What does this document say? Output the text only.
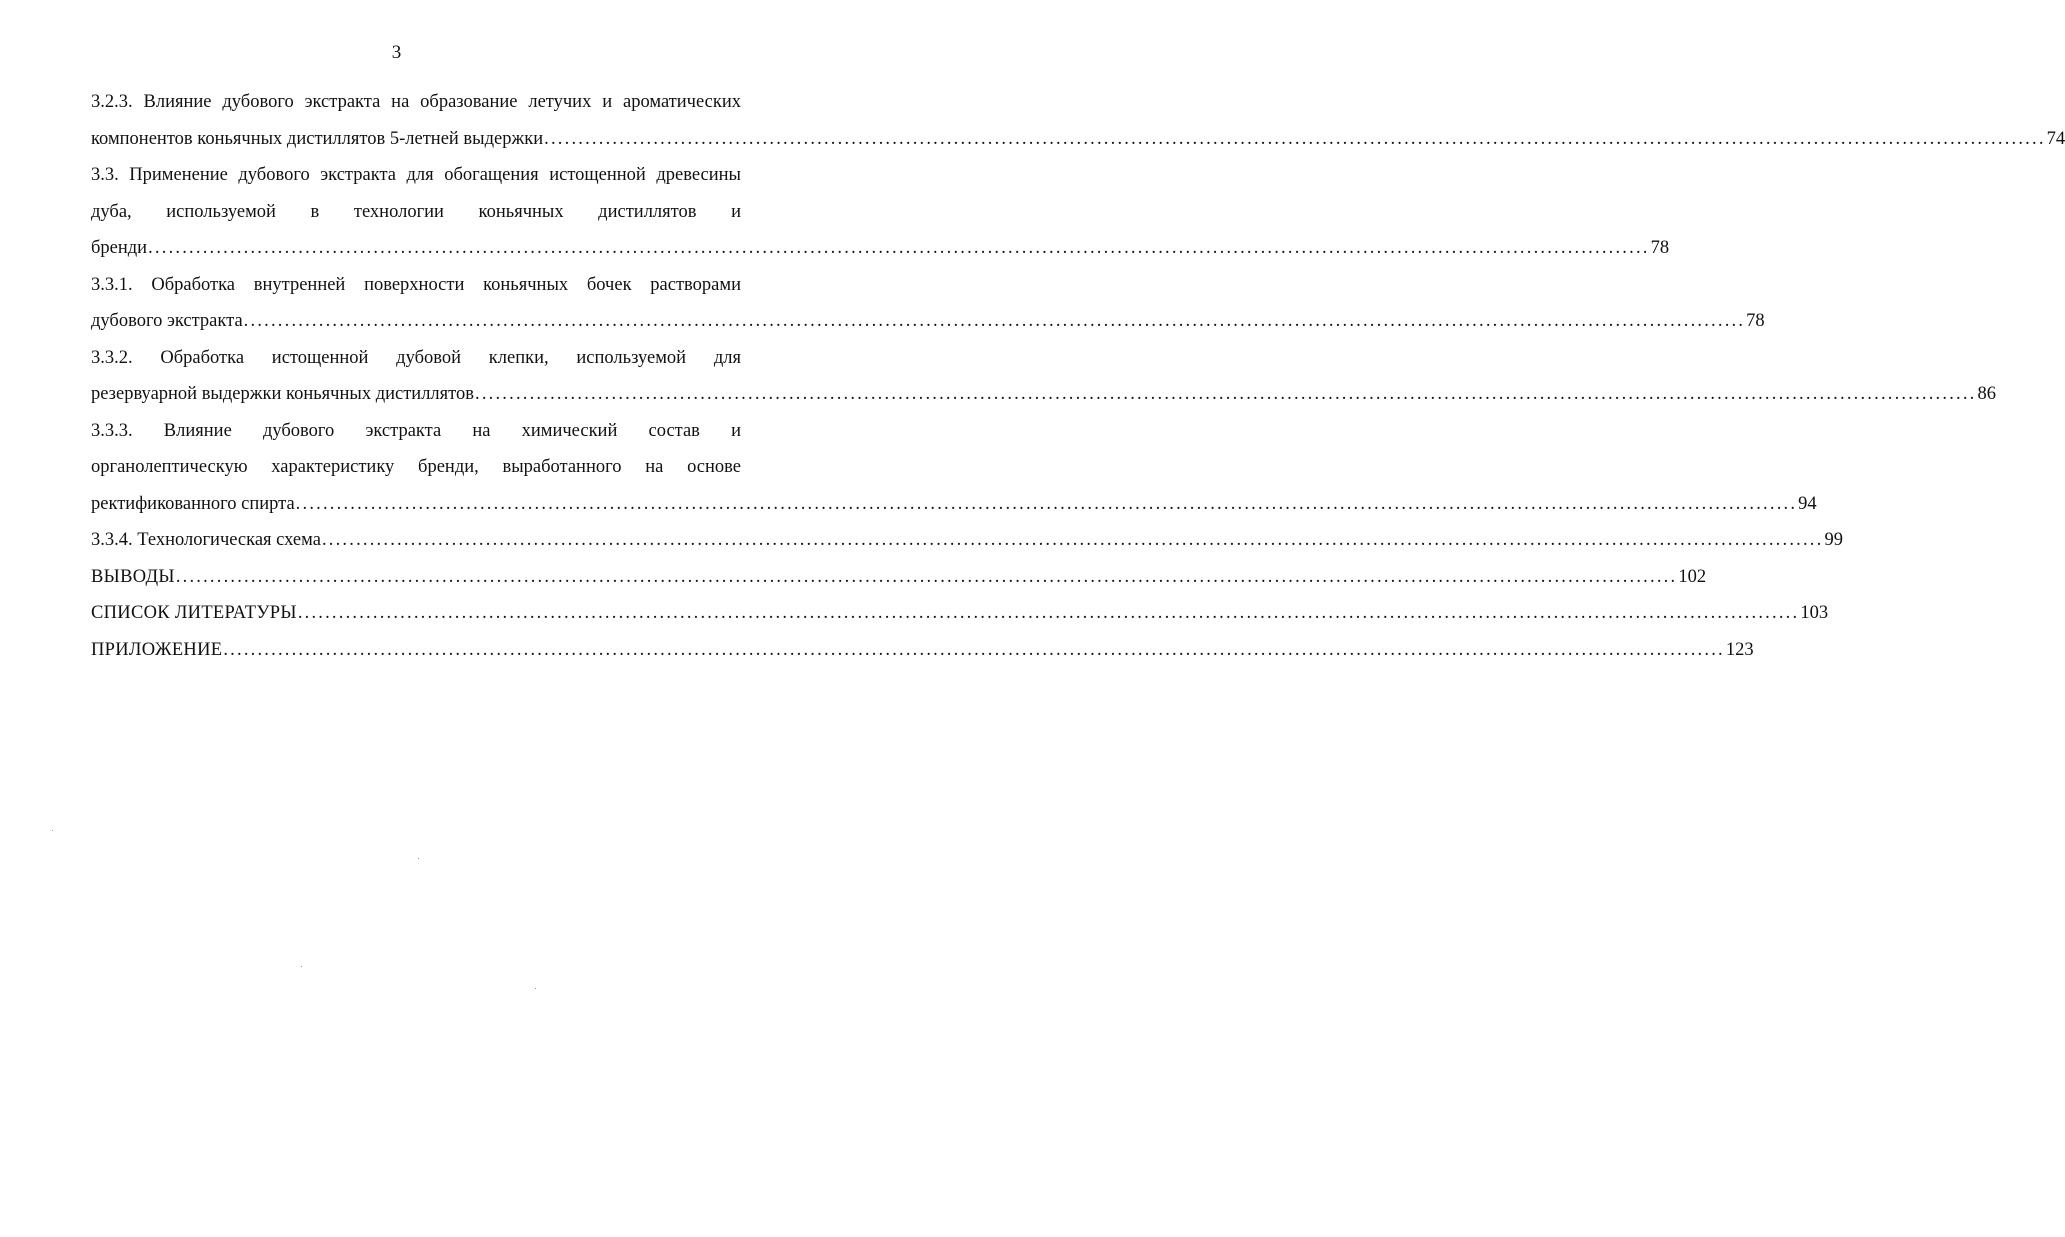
3
3.2.3. Влияние дубового экстракта на образование летучих и ароматических
компонентов коньячных дистиллятов 5-летней выдержки ............................................................................................................................................................................................................................ 74
3.3. Применение дубового экстракта для обогащения истощенной древесины
дуба, используемой в технологии коньячных дистиллятов и
бренди ............................................................................................................................................................................................................................ 78
3.3.1. Обработка внутренней поверхности коньячных бочек растворами
дубового экстракта ............................................................................................................................................................................................................................ 78
3.3.2. Обработка истощенной дубовой клепки, используемой для
резервуарной выдержки коньячных дистиллятов ............................................................................................................................................................................................................................ 86
3.3.3. Влияние дубового экстракта на химический состав и
органолептическую характеристику бренди, выработанного на основе
ректификованного спирта ............................................................................................................................................................................................................................ 94
3.3.4. Технологическая схема ............................................................................................................................................................................................................................ 99
ВЫВОДЫ ............................................................................................................................................................................................................................ 102
СПИСОК ЛИТЕРАТУРЫ ............................................................................................................................................................................................................................ 103
ПРИЛОЖЕНИЕ ............................................................................................................................................................................................................................ 123
